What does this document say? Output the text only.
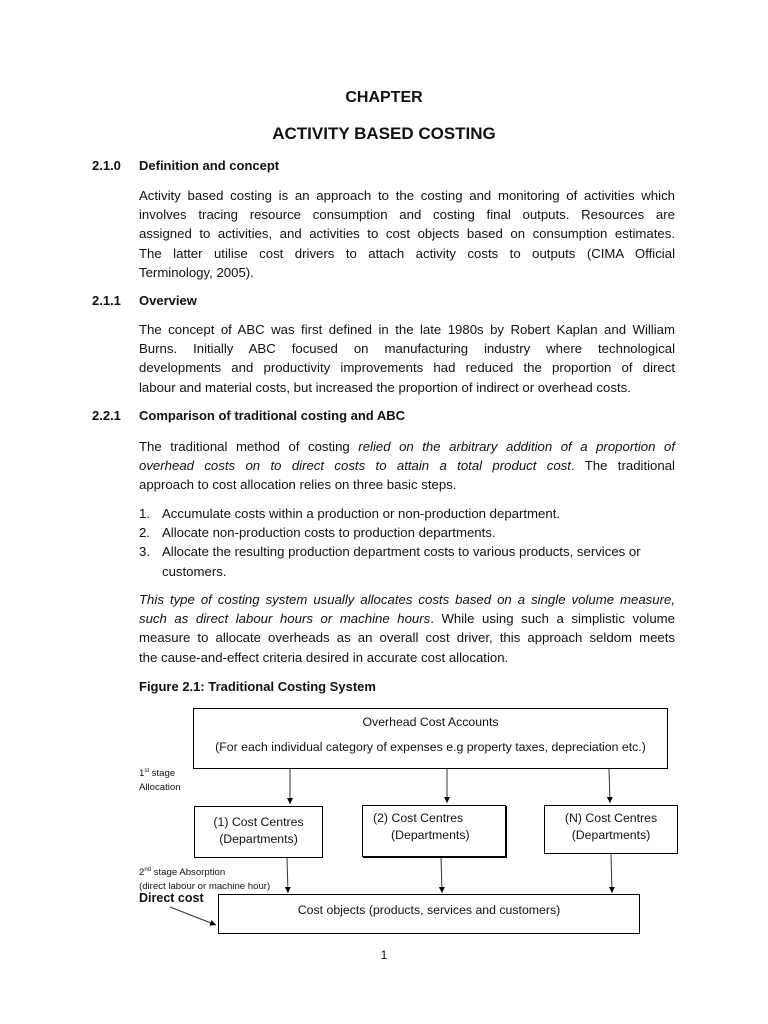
CHAPTER
ACTIVITY BASED COSTING
2.1.0 Definition and concept
Activity based costing is an approach to the costing and monitoring of activities which
involves tracing resource consumption and costing final outputs. Resources are
assigned to activities, and activities to cost objects based on consumption estimates.
The latter utilise cost drivers to attach activity costs to outputs (CIMA Official
Terminology, 2005).
2.1.1 Overview
The concept of ABC was first defined in the late 1980s by Robert Kaplan and William
Burns. Initially ABC focused on manufacturing industry where technological
developments and productivity improvements had reduced the proportion of direct
labour and material costs, but increased the proportion of indirect or overhead costs.
2.2.1 Comparison of traditional costing and ABC
The traditional method of costing relied on the arbitrary addition of a proportion of
overhead costs on to direct costs to attain a total product cost. The traditional
approach to cost allocation relies on three basic steps.
1. Accumulate costs within a production or non-production department.
2. Allocate non-production costs to production departments.
3. Allocate the resulting production department costs to various products, services or customers.
This type of costing system usually allocates costs based on a single volume measure,
such as direct labour hours or machine hours. While using such a simplistic volume
measure to allocate overheads as an overall cost driver, this approach seldom meets
the cause-and-effect criteria desired in accurate cost allocation.
Figure 2.1: Traditional Costing System
Overhead Cost Accounts
(For each individual category of expenses e.g property taxes, depreciation etc.)
1st stage
Allocation
(1) Cost Centres
(Departments)
(2) Cost Centres
(Departments)
(N) Cost Centres
(Departments)
2nd stage Absorption
(direct labour or machine hour)
Direct cost
Cost objects (products, services and customers)
1
